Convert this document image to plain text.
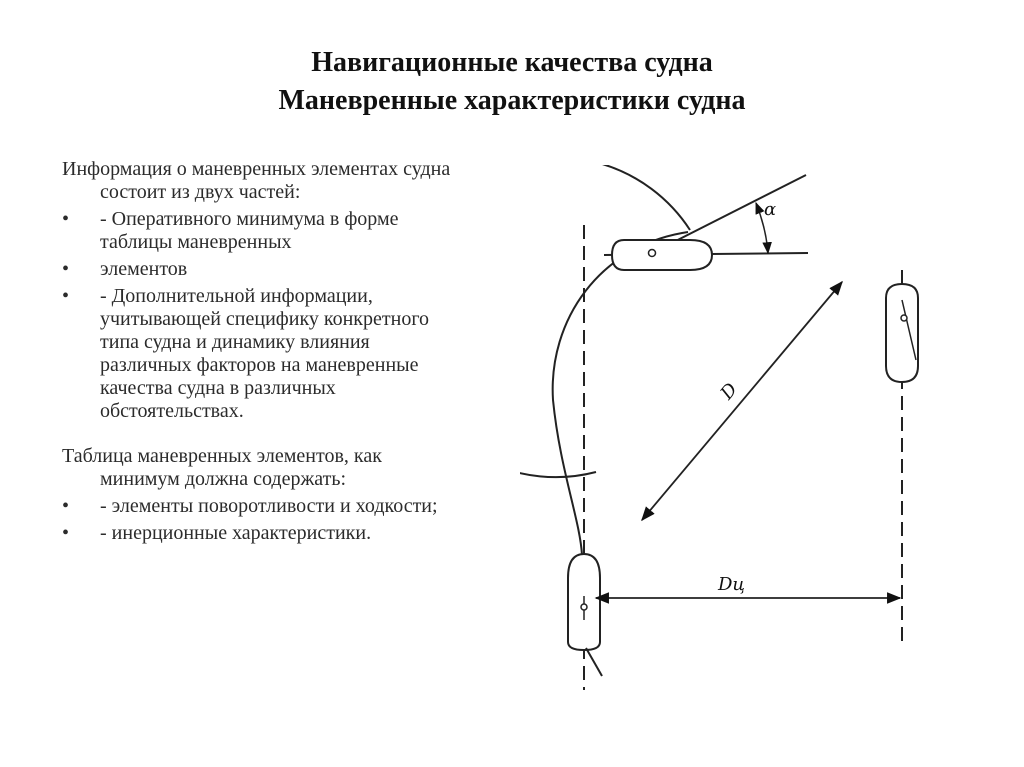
Навигационные качества судна
Маневренные характеристики судна
Информация о маневренных элементах судна состоит из двух частей:
• - Оперативного минимума в форме таблицы маневренных
• элементов
• - Дополнительной информации, учитывающей специфику конкретного типа судна и динамику влияния различных факторов на маневренные качества судна в различных обстоятельствах.
Таблица маневренных элементов, как минимум должна содержать:
• - элементы поворотливости и ходкости;
• - инерционные характеристики.
α
D
Dц
